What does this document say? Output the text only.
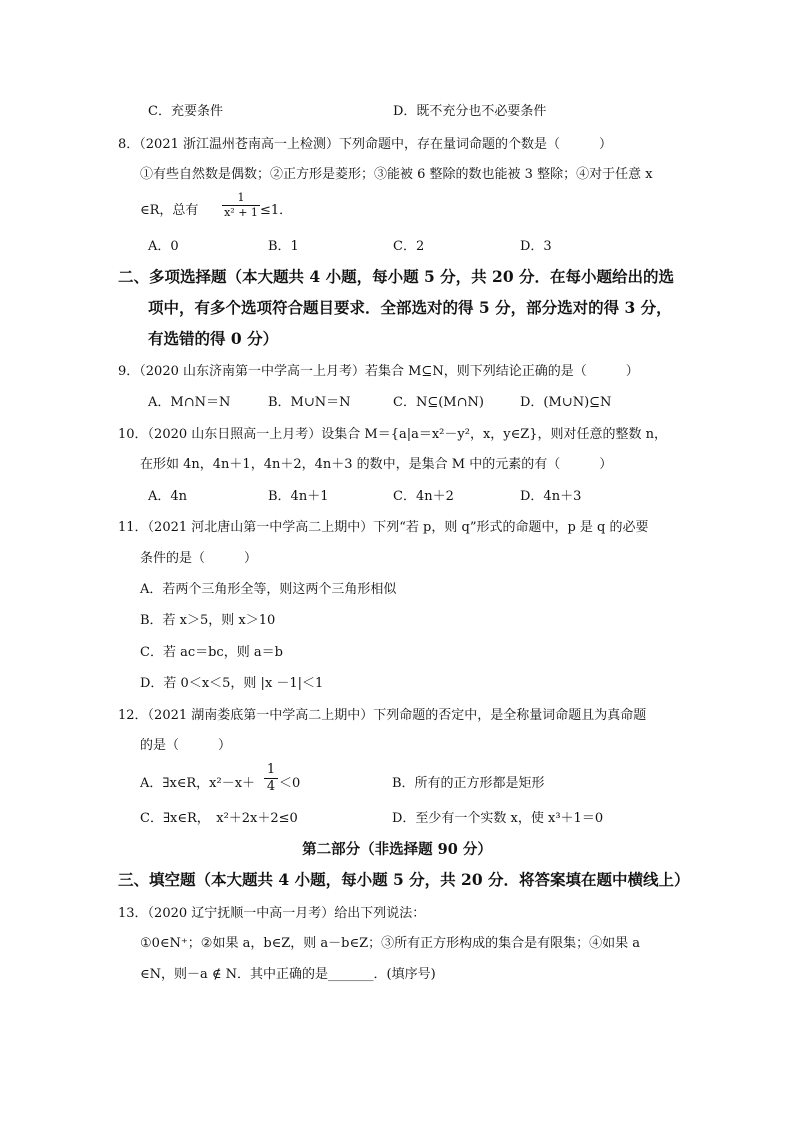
C．充要条件	D．既不充分也不必要条件
8．（2021 浙江温州苍南高一上检测）下列命题中，存在量词命题的个数是（　　　）
①有些自然数是偶数；②正方形是菱形；③能被 6 整除的数也能被 3 整除；④对于任意 x
∈R，总有
1
x² + 1 ≤1．
A．0	B．1	C．2	D．3
二、多项选择题（本大题共 4 小题，每小题 5 分，共 20 分．在每小题给出的选
项中，有多个选项符合题目要求．全部选对的得 5 分，部分选对的得 3 分，
有选错的得 0 分）
9．（2020 山东济南第一中学高一上月考）若集合 M⊆N，则下列结论正确的是（　　　）
A．M∩N＝N	B．M∪N＝N	C．N⊆(M∩N)	D．(M∪N)⊆N
10．（2020 山东日照高一上月考）设集合 M＝{a|a＝x²－y²，x，y∈Z}，则对任意的整数 n，
在形如 4n，4n＋1，4n＋2，4n＋3 的数中，是集合 M 中的元素的有（　　　）
A．4n	B．4n＋1	C．4n＋2	D．4n＋3
11．（2021 河北唐山第一中学高二上期中）下列“若 p，则 q”形式的命题中，p 是 q 的必要
条件的是（　　　）
A．若两个三角形全等，则这两个三角形相似
B．若 x＞5，则 x＞10
C．若 ac＝bc，则 a＝b
D．若 0＜x＜5，则 |x －1|＜1
12．（2021 湖南娄底第一中学高二上期中）下列命题的否定中，是全称量词命题且为真命题
的是（　　　）
A．∃x∈R，x²－x＋
1
4 ＜0	B．所有的正方形都是矩形
C．∃x∈R，　x²＋2x＋2≤0	D．至少有一个实数 x，使 x³＋1＝0
第二部分（非选择题 90 分）
三、填空题（本大题共 4 小题，每小题 5 分，共 20 分．将答案填在题中横线上）
13．（2020 辽宁抚顺一中高一月考）给出下列说法：
①0∈N⁺；②如果 a，b∈Z，则 a－b∈Z；③所有正方形构成的集合是有限集；④如果 a
∈N，则－a ∉ N．其中正确的是_______．(填序号)
